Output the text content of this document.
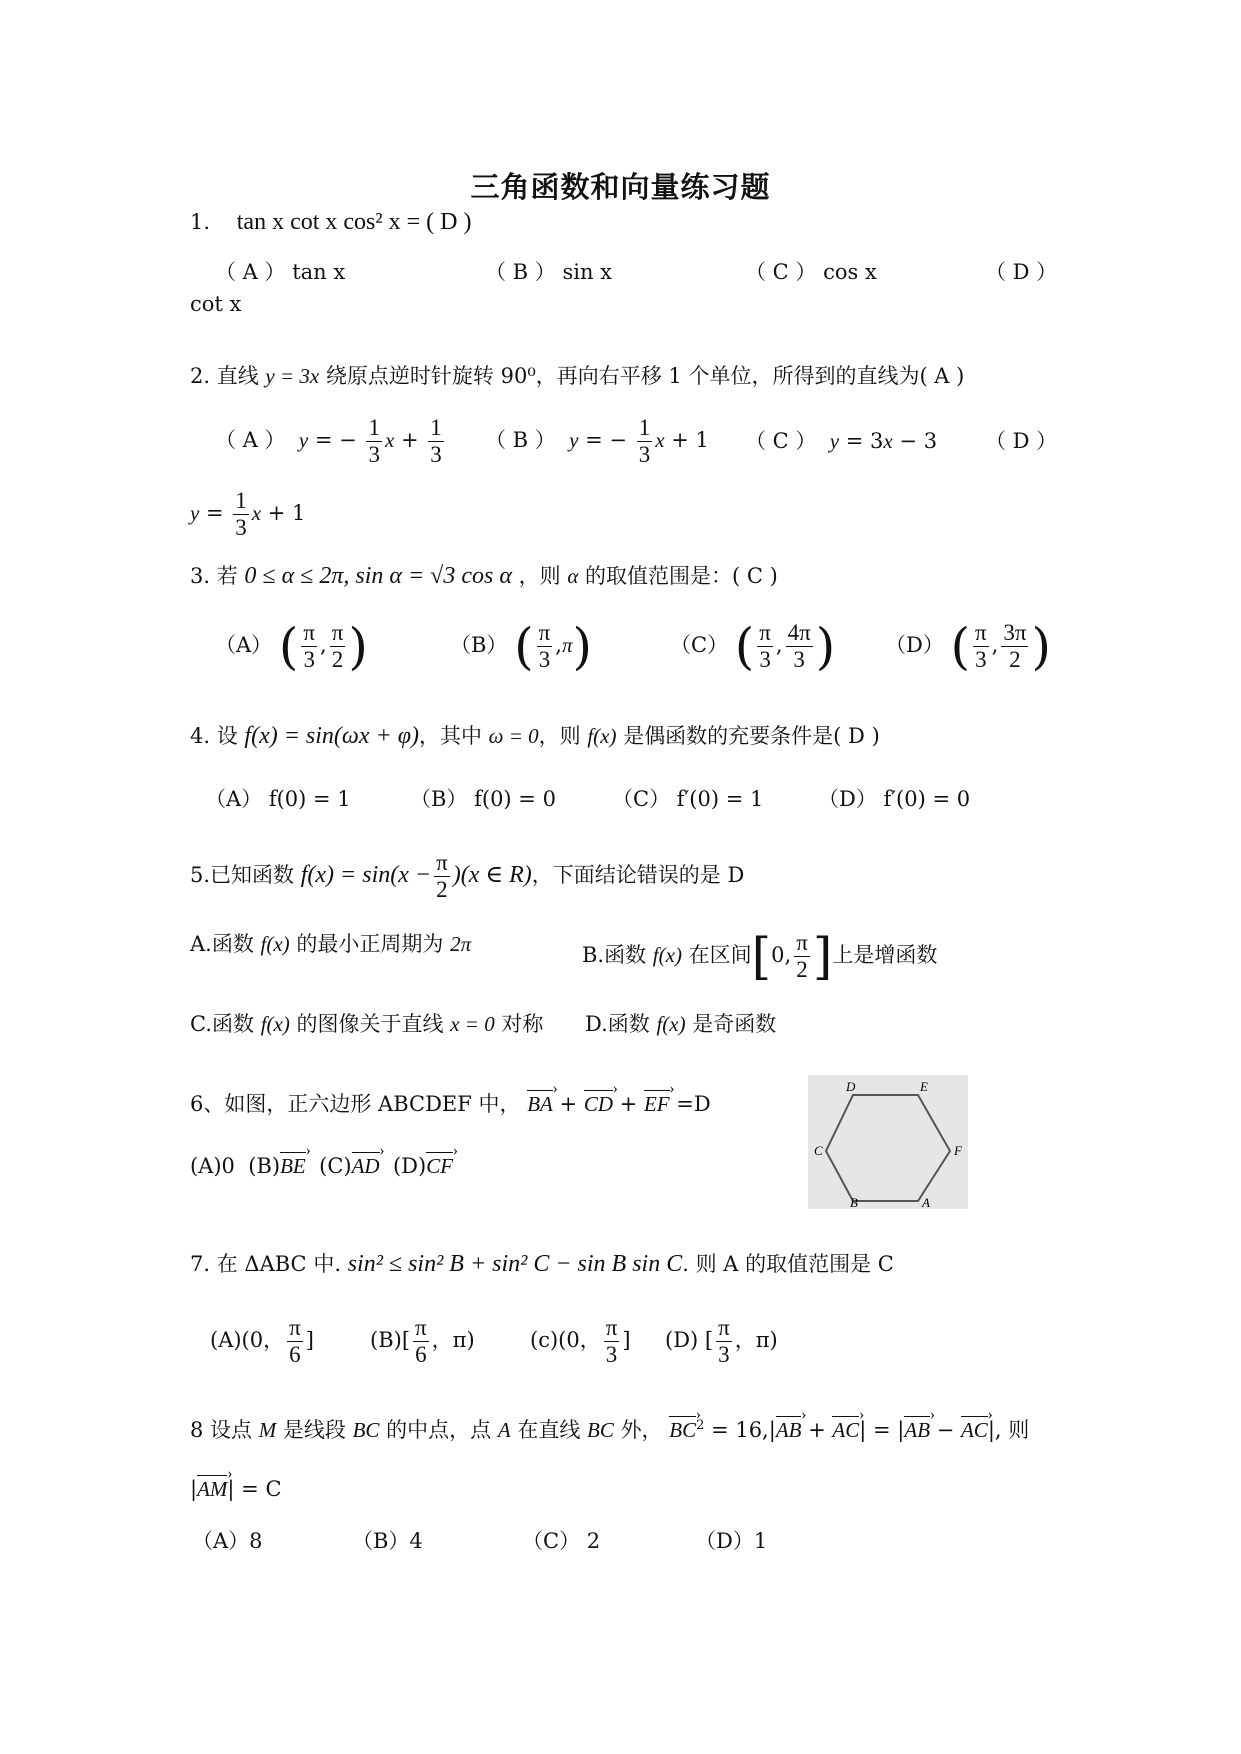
三角函数和向量练习题
1. tan x cot x cos² x = ( D )
（ A ） tan x	（ B ） sin x	（ C ） cos x	（ D ）
cot x
2. 直线 y = 3x 绕原点逆时针旋转 90⁰，再向右平移 1 个单位，所得到的直线为( A )
（ A ） y = − $\frac{1}{3}$ $x + \frac{1}{3}$ （ B ） y = − $\frac{1}{3}$ x + 1 （ C ） y = 3x − 3 （ D ）
$y = \frac{1}{3}$ x + 1
3. 若 0 ≤ α ≤ 2π, sin α = √3 cos α ，则 α 的取值范围是：( C )
（A） ( $\frac{\pi}{3}$ , $\frac{\pi}{2}$ )	（B） ( $\frac{\pi}{3} ,\pi$)	（C） ( $\frac{\pi}{3}$ , $\frac{4\pi}{3}$ ) （D） ( $\frac{\pi}{3}$ , $\frac{3\pi}{2}$ )
4. 设 f(x) = sin(ωx + φ)，其中 ω = 0，则 f(x) 是偶函数的充要条件是( D )
（A） f(0) = 1	（B） f(0) = 0	（C） f′(0) = 1	（D） f′(0) = 0
5.已知函数 $f(x) = \sin(x - \frac{\pi}{2} )(x$ ∈ R)，下面结论错误的是 D
A.函数 f(x) 的最小正周期为 2π	B.函数 f(x) 在区间[0, $\frac{\pi}{2}$ ]上是增函数
C.函数 f(x) 的图像关于直线 x = 0 对称 D.函数 f(x) 是奇函数
6、如图，正六边形 ABCDEF 中， BA › + CD › + EF › =D
(A)0 (B)BE › (C)AD › (D)CF ›
D	E
C	F
B	A
7. 在 ΔABC 中. sin² ≤ sin² B + sin² C − sin B sin C. 则 A 的取值范围是 C
(A)(0， $\frac{\pi}{6}$ ]	$(B)[ \frac{\pi}{6}$ ，π)	(c)(0， $\frac{\pi}{3}$ ] (D) [ $\frac{\pi}{3}$ ，π)
8 设点 M 是线段 BC 的中点，点 A 在直线 BC 外， BC ›$^2$ = 16,|AB › + AC ›| = |AB › − AC ›|, 则
|AM ›| = C
（A）8	（B）4	（C） 2	（D）1
